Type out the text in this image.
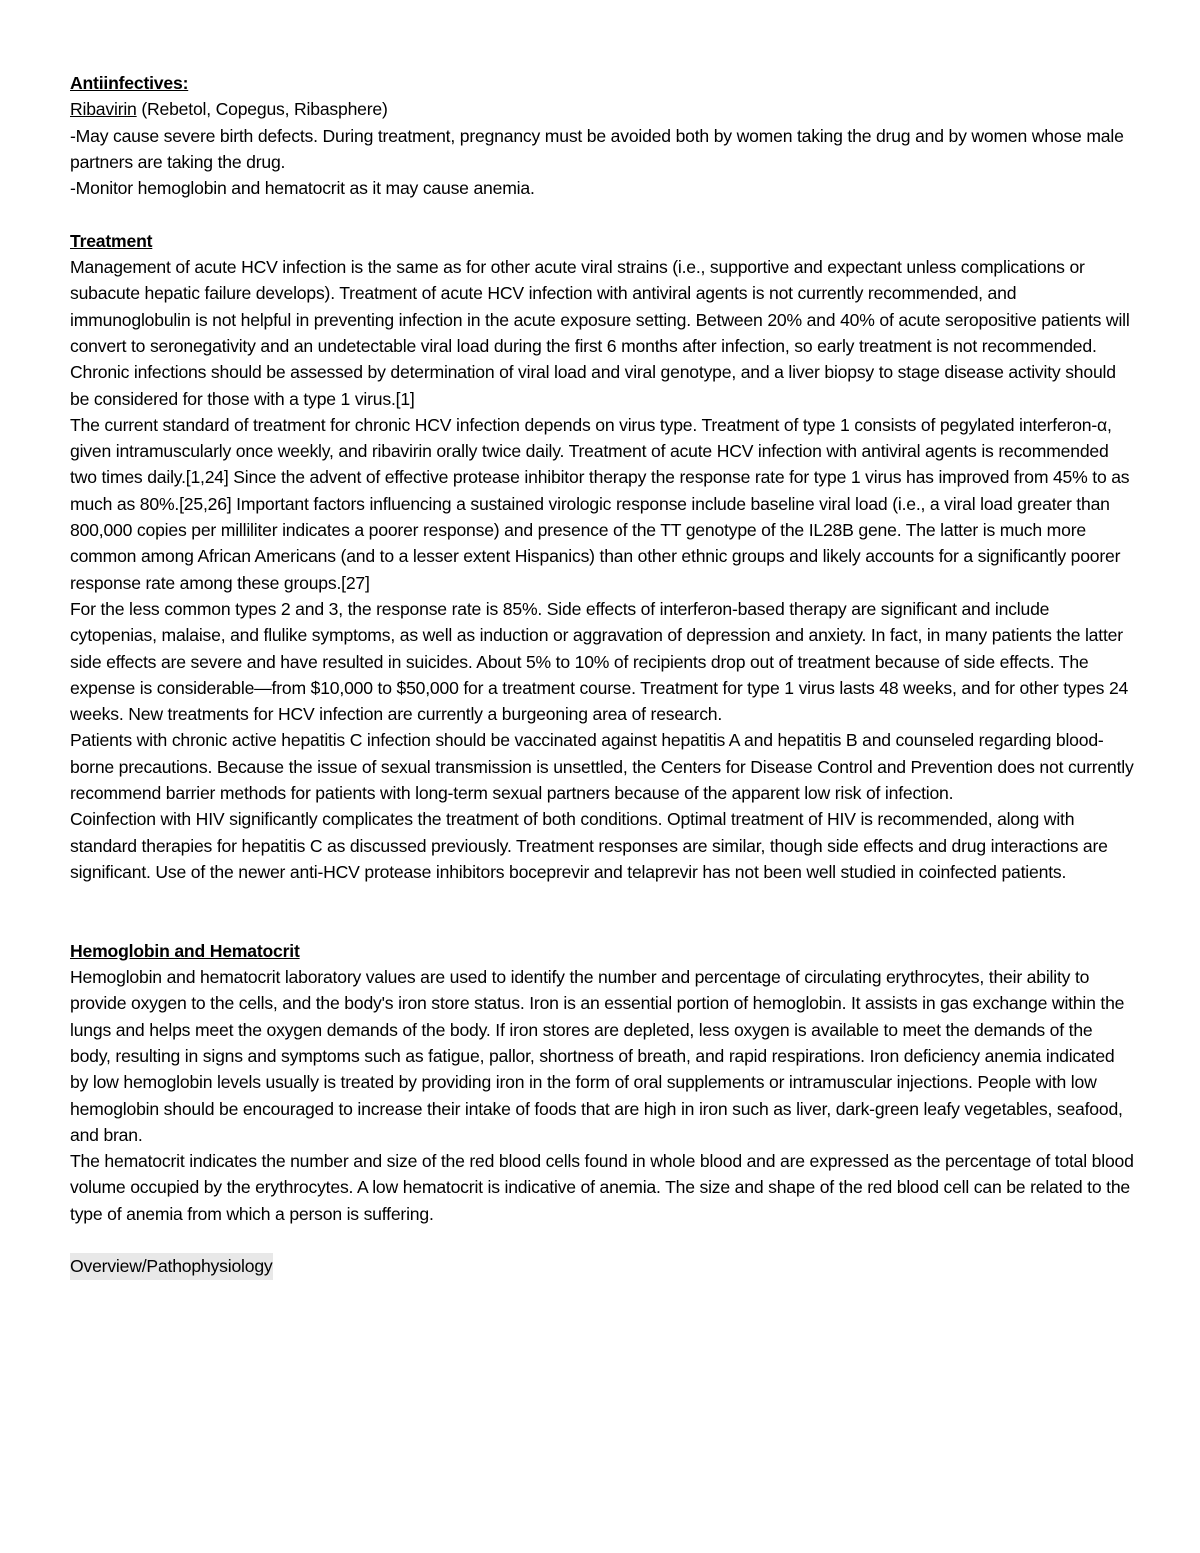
Antiinfectives:

Ribavirin (Rebetol, Copegus, Ribasphere)

-May cause severe birth defects. During treatment, pregnancy must be avoided both by women taking the drug and by women whose male partners are taking the drug.

-Monitor hemoglobin and hematocrit as it may cause anemia.

Treatment

Management of acute HCV infection is the same as for other acute viral strains (i.e., supportive and expectant unless complications or subacute hepatic failure develops). Treatment of acute HCV infection with antiviral agents is not currently recommended, and immunoglobulin is not helpful in preventing infection in the acute exposure setting. Between 20% and 40% of acute seropositive patients will convert to seronegativity and an undetectable viral load during the first 6 months after infection, so early treatment is not recommended. Chronic infections should be assessed by determination of viral load and viral genotype, and a liver biopsy to stage disease activity should be considered for those with a type 1 virus.[1]

The current standard of treatment for chronic HCV infection depends on virus type. Treatment of type 1 consists of pegylated interferon-α, given intramuscularly once weekly, and ribavirin orally twice daily. Treatment of acute HCV infection with antiviral agents is recommended two times daily.[1,24] Since the advent of effective protease inhibitor therapy the response rate for type 1 virus has improved from 45% to as much as 80%.[25,26] Important factors influencing a sustained virologic response include baseline viral load (i.e., a viral load greater than 800,000 copies per milliliter indicates a poorer response) and presence of the TT genotype of the IL28B gene. The latter is much more common among African Americans (and to a lesser extent Hispanics) than other ethnic groups and likely accounts for a significantly poorer response rate among these groups.[27]

For the less common types 2 and 3, the response rate is 85%. Side effects of interferon-based therapy are significant and include cytopenias, malaise, and flulike symptoms, as well as induction or aggravation of depression and anxiety. In fact, in many patients the latter side effects are severe and have resulted in suicides. About 5% to 10% of recipients drop out of treatment because of side effects. The expense is considerable—from $10,000 to $50,000 for a treatment course. Treatment for type 1 virus lasts 48 weeks, and for other types 24 weeks. New treatments for HCV infection are currently a burgeoning area of research.

Patients with chronic active hepatitis C infection should be vaccinated against hepatitis A and hepatitis B and counseled regarding blood-borne precautions. Because the issue of sexual transmission is unsettled, the Centers for Disease Control and Prevention does not currently recommend barrier methods for patients with long-term sexual partners because of the apparent low risk of infection.

Coinfection with HIV significantly complicates the treatment of both conditions. Optimal treatment of HIV is recommended, along with standard therapies for hepatitis C as discussed previously. Treatment responses are similar, though side effects and drug interactions are significant. Use of the newer anti-HCV protease inhibitors boceprevir and telaprevir has not been well studied in coinfected patients.

Hemoglobin and Hematocrit

Hemoglobin and hematocrit laboratory values are used to identify the number and percentage of circulating erythrocytes, their ability to provide oxygen to the cells, and the body's iron store status. Iron is an essential portion of hemoglobin. It assists in gas exchange within the lungs and helps meet the oxygen demands of the body. If iron stores are depleted, less oxygen is available to meet the demands of the body, resulting in signs and symptoms such as fatigue, pallor, shortness of breath, and rapid respirations. Iron deficiency anemia indicated by low hemoglobin levels usually is treated by providing iron in the form of oral supplements or intramuscular injections. People with low hemoglobin should be encouraged to increase their intake of foods that are high in iron such as liver, dark-green leafy vegetables, seafood, and bran.

The hematocrit indicates the number and size of the red blood cells found in whole blood and are expressed as the percentage of total blood volume occupied by the erythrocytes. A low hematocrit is indicative of anemia. The size and shape of the red blood cell can be related to the type of anemia from which a person is suffering.

Overview/Pathophysiology
